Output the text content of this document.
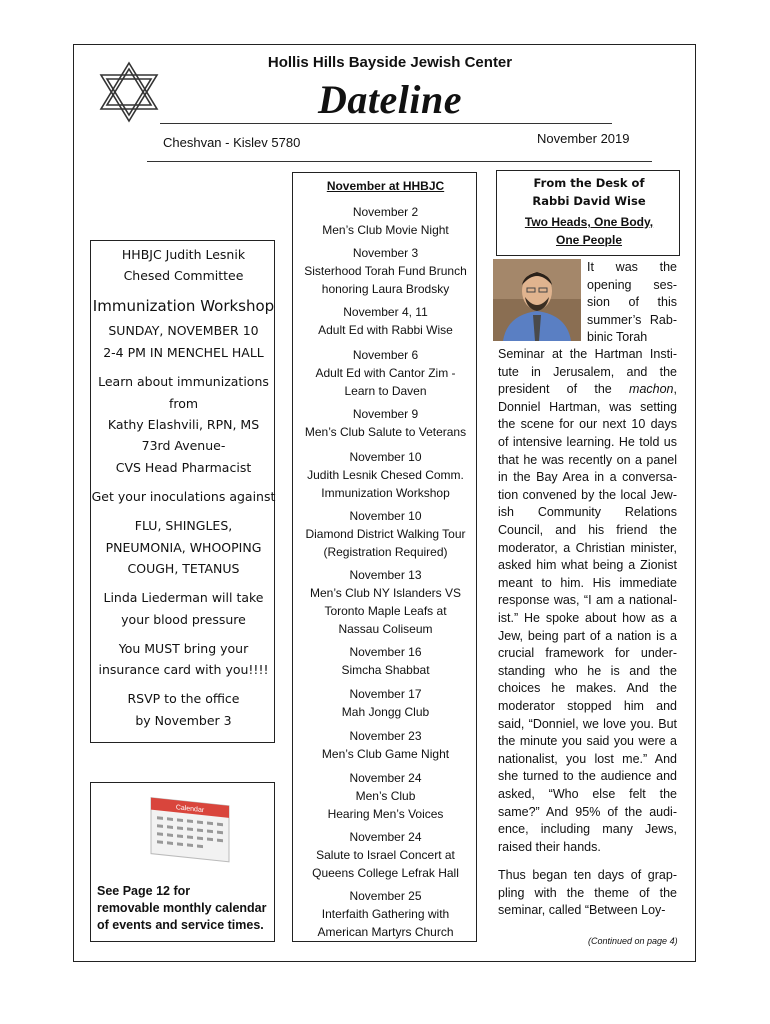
Hollis Hills Bayside Jewish Center
Dateline
Cheshvan - Kislev 5780	November 2019
HHBJC Judith Lesnik
Chesed Committee
Immunization Workshop
SUNDAY, NOVEMBER 10
2-4 PM IN MENCHEL HALL
Learn about immunizations
from
Kathy Elashvili, RPN, MS
73rd Avenue-
CVS Head Pharmacist
Get your inoculations against
FLU, SHINGLES,
PNEUMONIA, WHOOPING
COUGH, TETANUS
Linda Liederman will take
your blood pressure
You MUST bring your
insurance card with you!!!!
RSVP to the office
by November 3
Calendar
See Page 12 for
removable monthly calendar
of events and service times.
November at HHBJC
November 2
Men’s Club Movie Night
November 3
Sisterhood Torah Fund Brunch
honoring Laura Brodsky
November 4, 11
Adult Ed with Rabbi Wise
November 6
Adult Ed with Cantor Zim -
Learn to Daven
November 9
Men’s Club Salute to Veterans
November 10
Judith Lesnik Chesed Comm.
Immunization Workshop
November 10
Diamond District Walking Tour
(Registration Required)
November 13
Men’s Club NY Islanders VS
Toronto Maple Leafs at
Nassau Coliseum
November 16
Simcha Shabbat
November 17
Mah Jongg Club
November 23
Men’s Club Game Night
November 24
Men’s Club
Hearing Men’s Voices
November 24
Salute to Israel Concert at
Queens College Lefrak Hall
November 25
Interfaith Gathering with
American Martyrs Church
From the Desk of
Rabbi David Wise
Two Heads, One Body,
One People
It was the
opening ses-
sion of this
summer’s Rab-
binic Torah
Seminar at the Hartman Insti-
tute in Jerusalem, and the
president of the machon,
Donniel Hartman, was setting
the scene for our next 10 days
of intensive learning. He told us
that he was recently on a panel
in the Bay Area in a conversa-
tion convened by the local Jew-
ish Community Relations
Council, and his friend the
moderator, a Christian minister,
asked him what being a Zionist
meant to him. His immediate
response was, “I am a national-
ist.” He spoke about how as a
Jew, being part of a nation is a
crucial framework for under-
standing who he is and the
choices he makes. And the
moderator stopped him and
said, “Donniel, we love you. But
the minute you said you were a
nationalist, you lost me.” And
she turned to the audience and
asked, “Who else felt the
same?” And 95% of the audi-
ence, including many Jews,
raised their hands.
Thus began ten days of grap-
pling with the theme of the
seminar, called “Between Loy-
(Continued on page 4)
